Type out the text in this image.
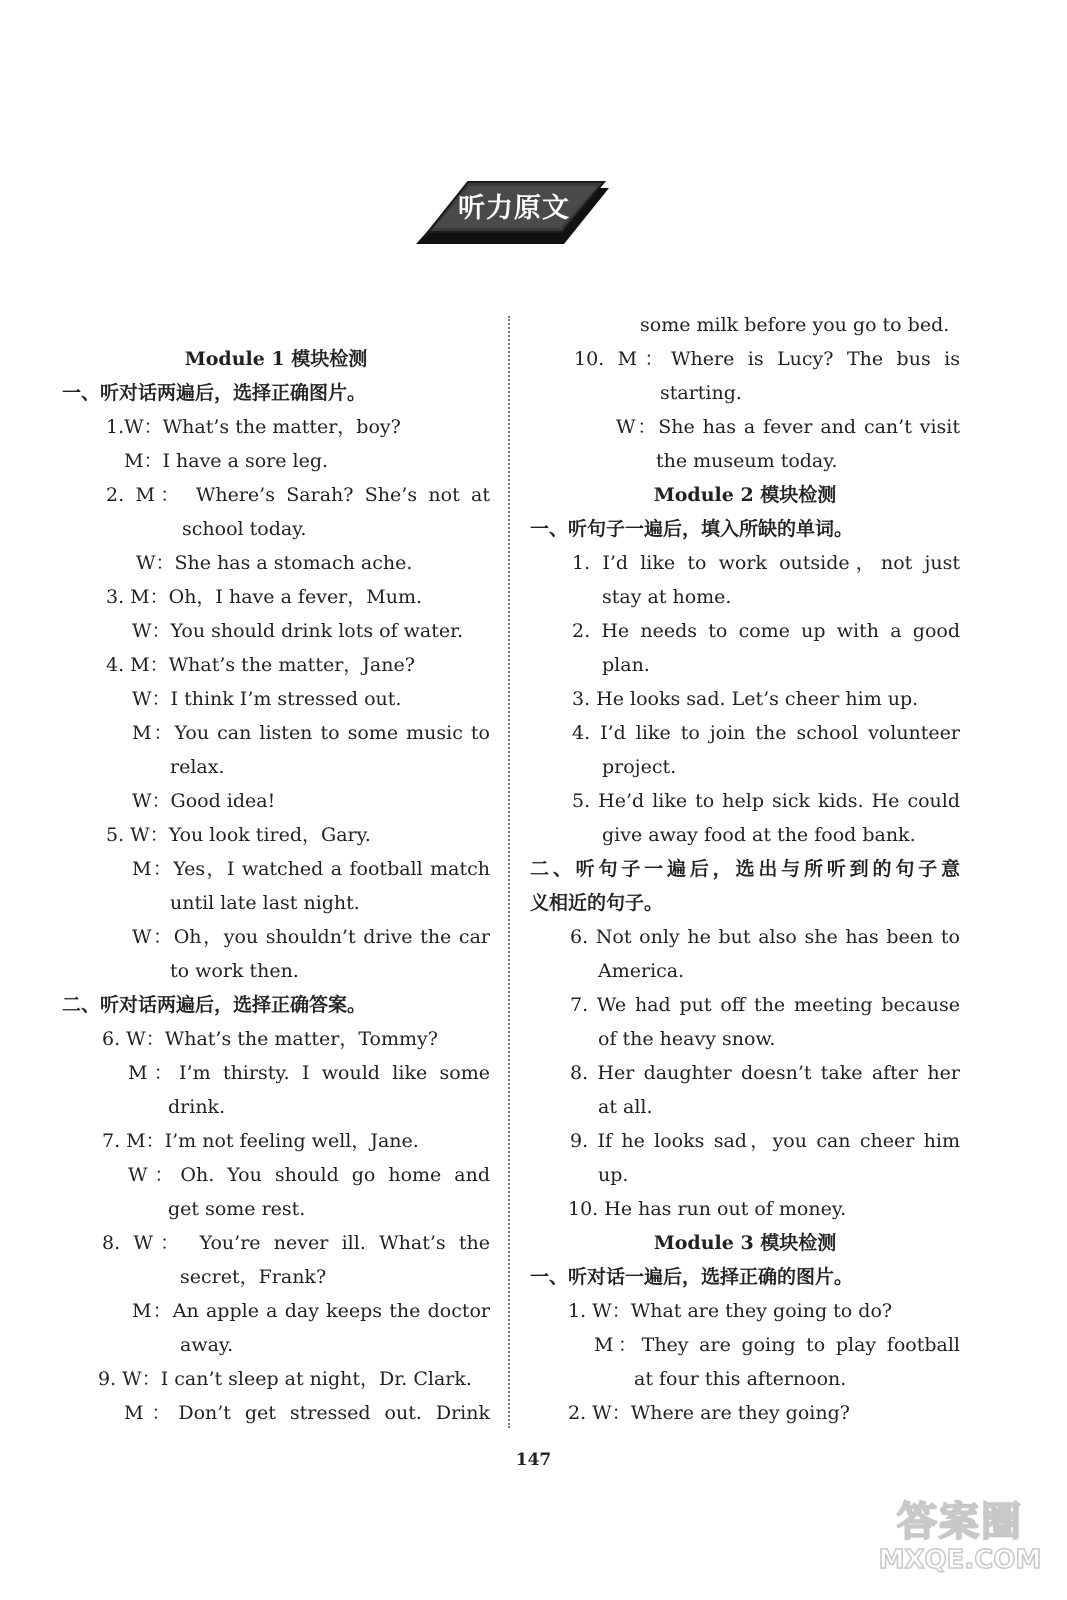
听力原文
Module 1 模块检测
一、听对话两遍后，选择正确图片。
1.W：What’s the matter，boy?
M：I have a sore leg.
2. M： Where’s Sarah? She’s not at
school today.
W：She has a stomach ache.
3. M：Oh，I have a fever，Mum.
W：You should drink lots of water.
4. M：What’s the matter，Jane?
W：I think I’m stressed out.
M：You can listen to some music to
relax.
W：Good idea!
5. W：You look tired，Gary.
M：Yes，I watched a football match
until late last night.
W：Oh，you shouldn’t drive the car
to work then.
二、听对话两遍后，选择正确答案。
6. W：What’s the matter，Tommy?
M：I’m thirsty. I would like some
drink.
7. M：I’m not feeling well，Jane.
W：Oh. You should go home and
get some rest.
8. W： You’re never ill. What’s the
secret，Frank?
M：An apple a day keeps the doctor
away.
9. W：I can’t sleep at night，Dr. Clark.
M：Don’t get stressed out. Drink
some milk before you go to bed.
10. M：Where is Lucy? The bus is
starting.
W：She has a fever and can’t visit
the museum today.
Module 2 模块检测
一、听句子一遍后，填入所缺的单词。
1. I’d like to work outside，not just
stay at home.
2. He needs to come up with a good
plan.
3. He looks sad. Let’s cheer him up.
4. I’d like to join the school volunteer
project.
5. He’d like to help sick kids. He could
give away food at the food bank.
二、听句子一遍后，选出与所听到的句子意
义相近的句子。
6. Not only he but also she has been to
America.
7. We had put off the meeting because
of the heavy snow.
8. Her daughter doesn’t take after her
at all.
9. If he looks sad，you can cheer him
up.
10. He has run out of money.
Module 3 模块检测
一、听对话一遍后，选择正确的图片。
1. W：What are they going to do?
M：They are going to play football
at four this afternoon.
2. W：Where are they going?
147
答案圈
MXQE.COM
